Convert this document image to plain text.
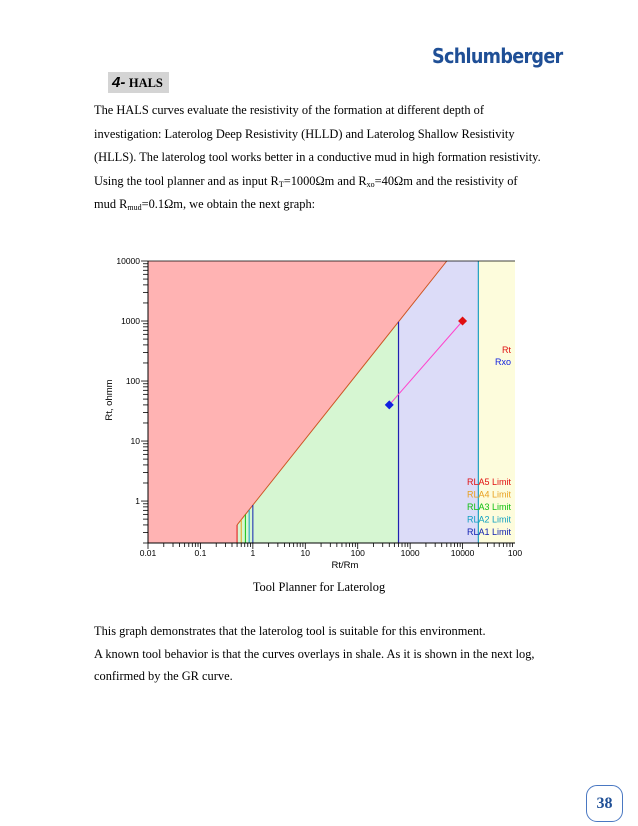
Schlumberger
4- HALS

The HALS curves evaluate the resistivity of the formation at different depth of
investigation: Laterolog Deep Resistivity (HLLD) and Laterolog Shallow Resistivity
(HLLS). The laterolog tool works better in a conductive mud in high formation resistivity.
Using the tool planner and as input $R_T=1000\Omega m$ and $R_{xo}=40\Omega m$ and the resistivity of
mud $R_{mud}=0.1\Omega m$, we obtain the next graph:

10000
1000
100
10
1
0.01	0.1	1	10	100	1000	10000	100
Rt
Rxo
RLA5 Limit
RLA4 Limit
RLA3 Limit
RLA2 Limit
RLA1 Limit
Rt, ohmm
Rt/Rm
Tool Planner for Laterolog

This graph demonstrates that the laterolog tool is suitable for this environment.
A known tool behavior is that the curves overlays in shale. As it is shown in the next log,
confirmed by the GR curve.

38
